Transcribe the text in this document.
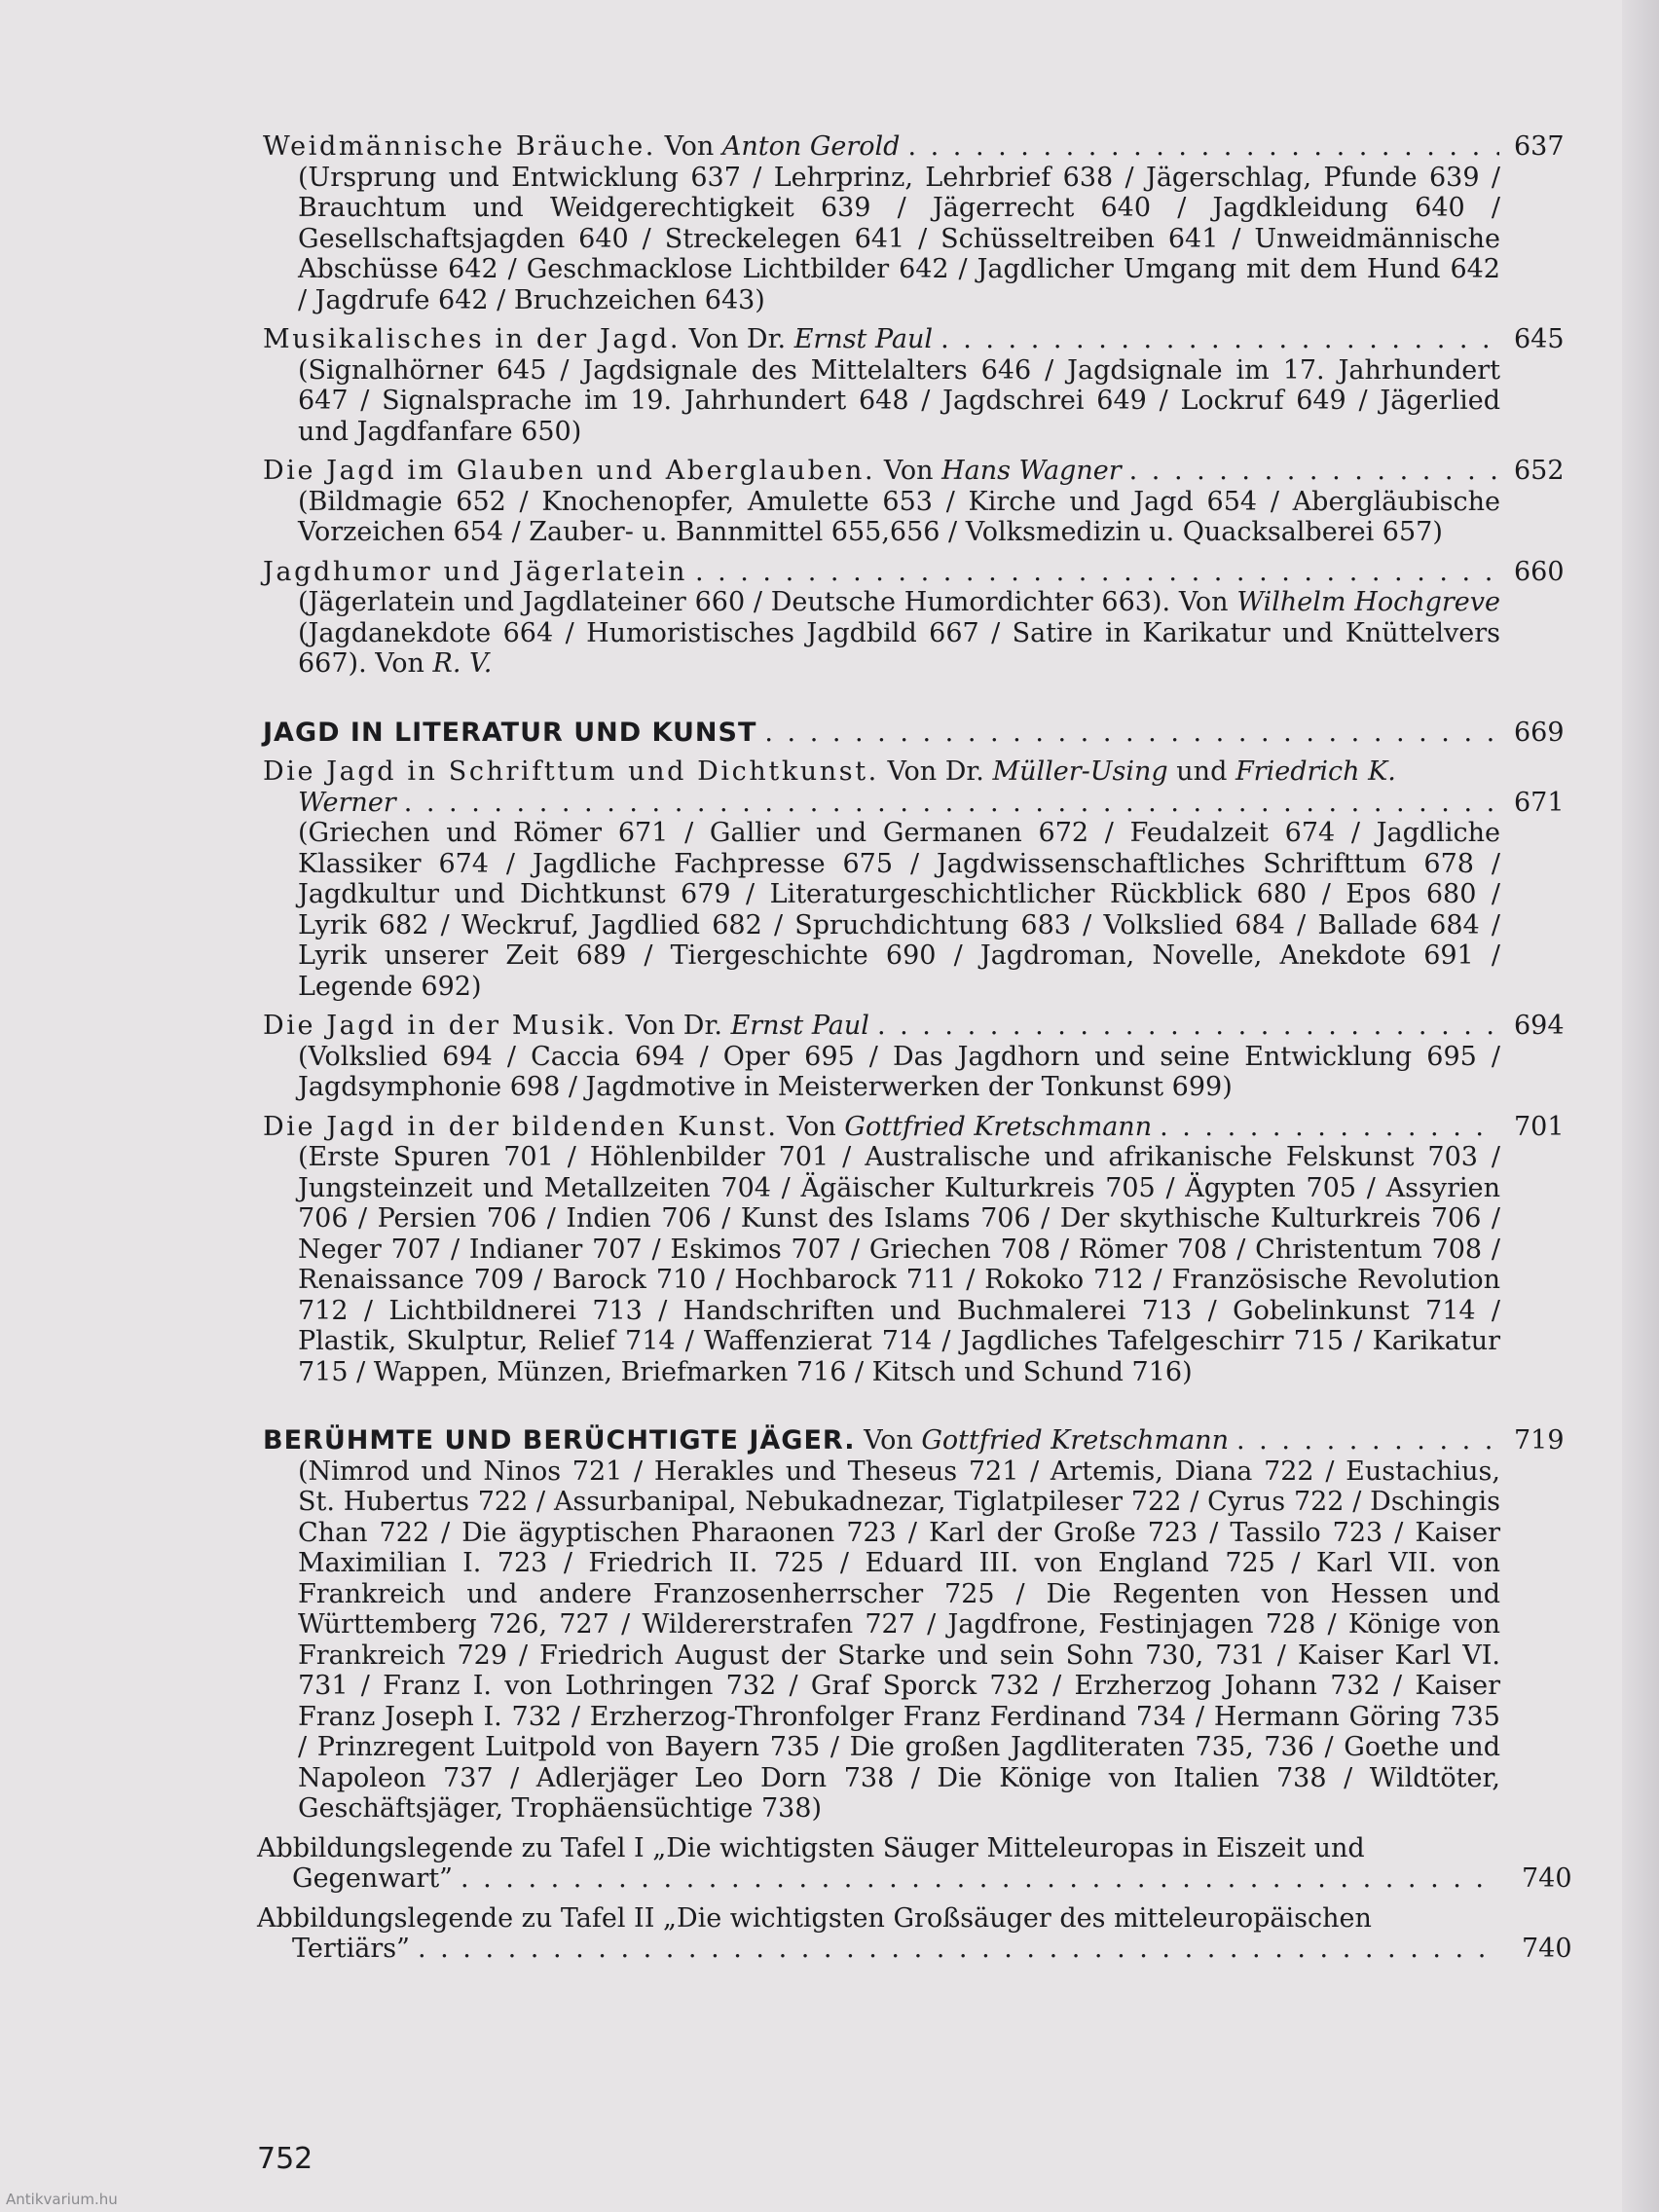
Weidmännische Bräuche. Von Anton Gerold . . .	637
(Ursprung und Entwicklung 637 / Lehrprinz, Lehrbrief 638 / Jägerschlag, Pfunde 639 / Brauchtum und Weidgerechtigkeit 639 / Jägerrecht 640 / Jagdkleidung 640 / Gesellschaftsjagden 640 / Streckelegen 641 / Schüsseltreiben 641 / Unweidmännische Abschüsse 642 / Geschmacklose Lichtbilder 642 / Jagdlicher Umgang mit dem Hund 642 / Jagdrufe 642 / Bruchzeichen 643)
Musikalisches in der Jagd. Von Dr. Ernst Paul . . .	645
(Signalhörner 645 / Jagdsignale des Mittelalters 646 / Jagdsignale im 17. Jahrhundert 647 / Signalsprache im 19. Jahrhundert 648 / Jagdschrei 649 / Lockruf 649 / Jägerlied und Jagdfanfare 650)
Die Jagd im Glauben und Aberglauben. Von Hans Wagner . . .	652
(Bildmagie 652 / Knochenopfer, Amulette 653 / Kirche und Jagd 654 / Abergläubische Vorzeichen 654 / Zauber- u. Bannmittel 655,656 / Volksmedizin u. Quacksalberei 657)
Jagdhumor und Jägerlatein . . .	660
(Jägerlatein und Jagdlateiner 660 / Deutsche Humordichter 663). Von Wilhelm Hochgreve (Jagdanekdote 664 / Humoristisches Jagdbild 667 / Satire in Karikatur und Knüttelvers 667). Von R. V.
JAGD IN LITERATUR UND KUNST . . .	669
Die Jagd in Schrifttum und Dichtkunst. Von Dr. Müller-Using und Friedrich K.
Werner . . .	671
(Griechen und Römer 671 / Gallier und Germanen 672 / Feudalzeit 674 / Jagdliche Klassiker 674 / Jagdliche Fachpresse 675 / Jagdwissenschaftliches Schrifttum 678 / Jagdkultur und Dichtkunst 679 / Literaturgeschichtlicher Rückblick 680 / Epos 680 / Lyrik 682 / Weckruf, Jagdlied 682 / Spruchdichtung 683 / Volkslied 684 / Ballade 684 / Lyrik unserer Zeit 689 / Tiergeschichte 690 / Jagdroman, Novelle, Anekdote 691 / Legende 692)
Die Jagd in der Musik. Von Dr. Ernst Paul . . .	694
(Volkslied 694 / Caccia 694 / Oper 695 / Das Jagdhorn und seine Entwicklung 695 / Jagdsymphonie 698 / Jagdmotive in Meisterwerken der Tonkunst 699)
Die Jagd in der bildenden Kunst. Von Gottfried Kretschmann . . .	701
(Erste Spuren 701 / Höhlenbilder 701 / Australische und afrikanische Felskunst 703 / Jungsteinzeit und Metallzeiten 704 / Ägäischer Kulturkreis 705 / Ägypten 705 / Assyrien 706 / Persien 706 / Indien 706 / Kunst des Islams 706 / Der skythische Kulturkreis 706 / Neger 707 / Indianer 707 / Eskimos 707 / Griechen 708 / Römer 708 / Christentum 708 / Renaissance 709 / Barock 710 / Hochbarock 711 / Rokoko 712 / Französische Revolution 712 / Lichtbildnerei 713 / Handschriften und Buchmalerei 713 / Gobelinkunst 714 / Plastik, Skulptur, Relief 714 / Waffenzierat 714 / Jagdliches Tafelgeschirr 715 / Karikatur 715 / Wappen, Münzen, Briefmarken 716 / Kitsch und Schund 716)
BERÜHMTE UND BERÜCHTIGTE JÄGER. Von Gottfried Kretschmann . . .	719
(Nimrod und Ninos 721 / Herakles und Theseus 721 / Artemis, Diana 722 / Eustachius, St. Hubertus 722 / Assurbanipal, Nebukadnezar, Tiglatpileser 722 / Cyrus 722 / Dschingis Chan 722 / Die ägyptischen Pharaonen 723 / Karl der Große 723 / Tassilo 723 / Kaiser Maximilian I. 723 / Friedrich II. 725 / Eduard III. von England 725 / Karl VII. von Frankreich und andere Franzosenherrscher 725 / Die Regenten von Hessen und Württemberg 726, 727 / Wildererstrafen 727 / Jagdfrone, Festinjagen 728 / Könige von Frankreich 729 / Friedrich August der Starke und sein Sohn 730, 731 / Kaiser Karl VI. 731 / Franz I. von Lothringen 732 / Graf Sporck 732 / Erzherzog Johann 732 / Kaiser Franz Joseph I. 732 / Erzherzog-Thronfolger Franz Ferdinand 734 / Hermann Göring 735 / Prinzregent Luitpold von Bayern 735 / Die großen Jagdliteraten 735, 736 / Goethe und Napoleon 737 / Adlerjäger Leo Dorn 738 / Die Könige von Italien 738 / Wildtöter, Geschäftsjäger, Trophäensüchtige 738)
Abbildungslegende zu Tafel I „Die wichtigsten Säuger Mitteleuropas in Eiszeit und
Gegenwart” . . .	740
Abbildungslegende zu Tafel II „Die wichtigsten Großsäuger des mitteleuropäischen
Tertiärs” . . .	740
752
Antikvarium.hu
